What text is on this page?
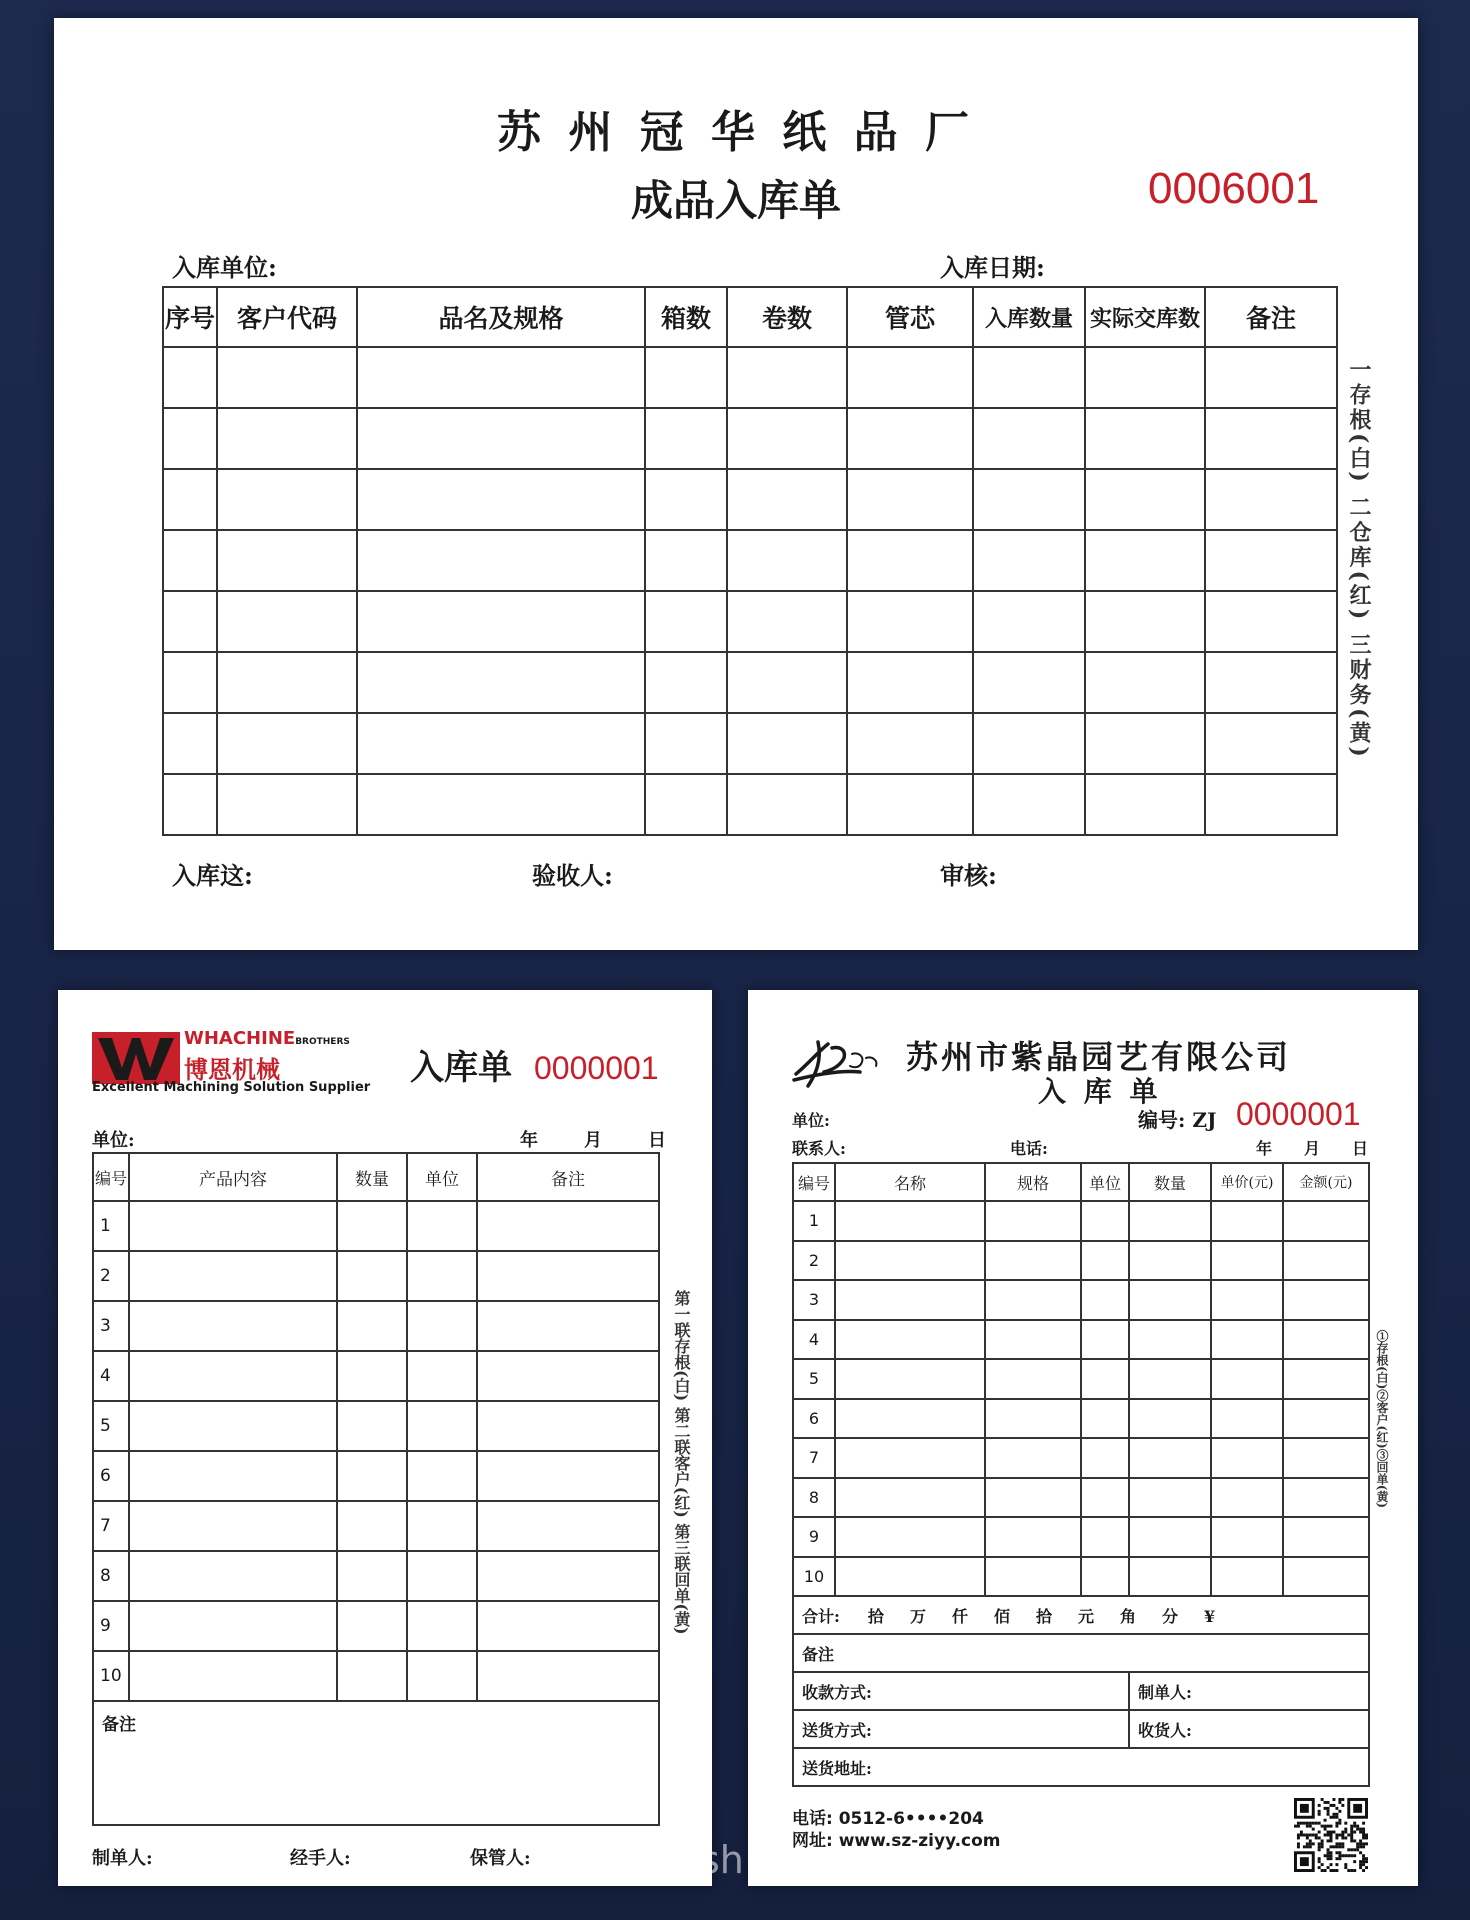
苏 州 冠 华 纸 品 厂
成品入库单	0006001
入库单位:	入库日期:
序号	客户代码	品名及规格	箱数	卷数	管芯	入库数量	实际交库数	备注

入库这:	验收人:	审核:
一存根(白) 二仓库(红) 三财务(黄)
WHACHINEBROTHERS
博恩机械
Excellent Machining Solution Supplier 入库单 0000001
单位:	年	月	日
编号	产品内容	数量	单位	备注
1				
2				
3				
4				
5				
6				
7				
8				
9				
10				
备注				
制单人:	经手人:	保管人:
第一联存根(白) 第二联客户(红) 第三联回单(黄)
苏州市紫晶园艺有限公司
入 库 单
单位:	编号: ZJ 0000001
联系人:	电话:	年 月 日
编号	名称	规格	单位	数量	单价(元)	金额(元)
1						
2						
3						
4						
5						
6						
7						
8						
9						
10						
合计: 拾 万 仟 佰 拾 元 角 分 ¥						
备注						
收款方式:				制单人:		
送货方式:				收货人:		
送货地址:						
电话: 0512-6••••204
网址: www.sz-ziyy.com
①存根(白)②客户(红)③回单(黄)
sh
